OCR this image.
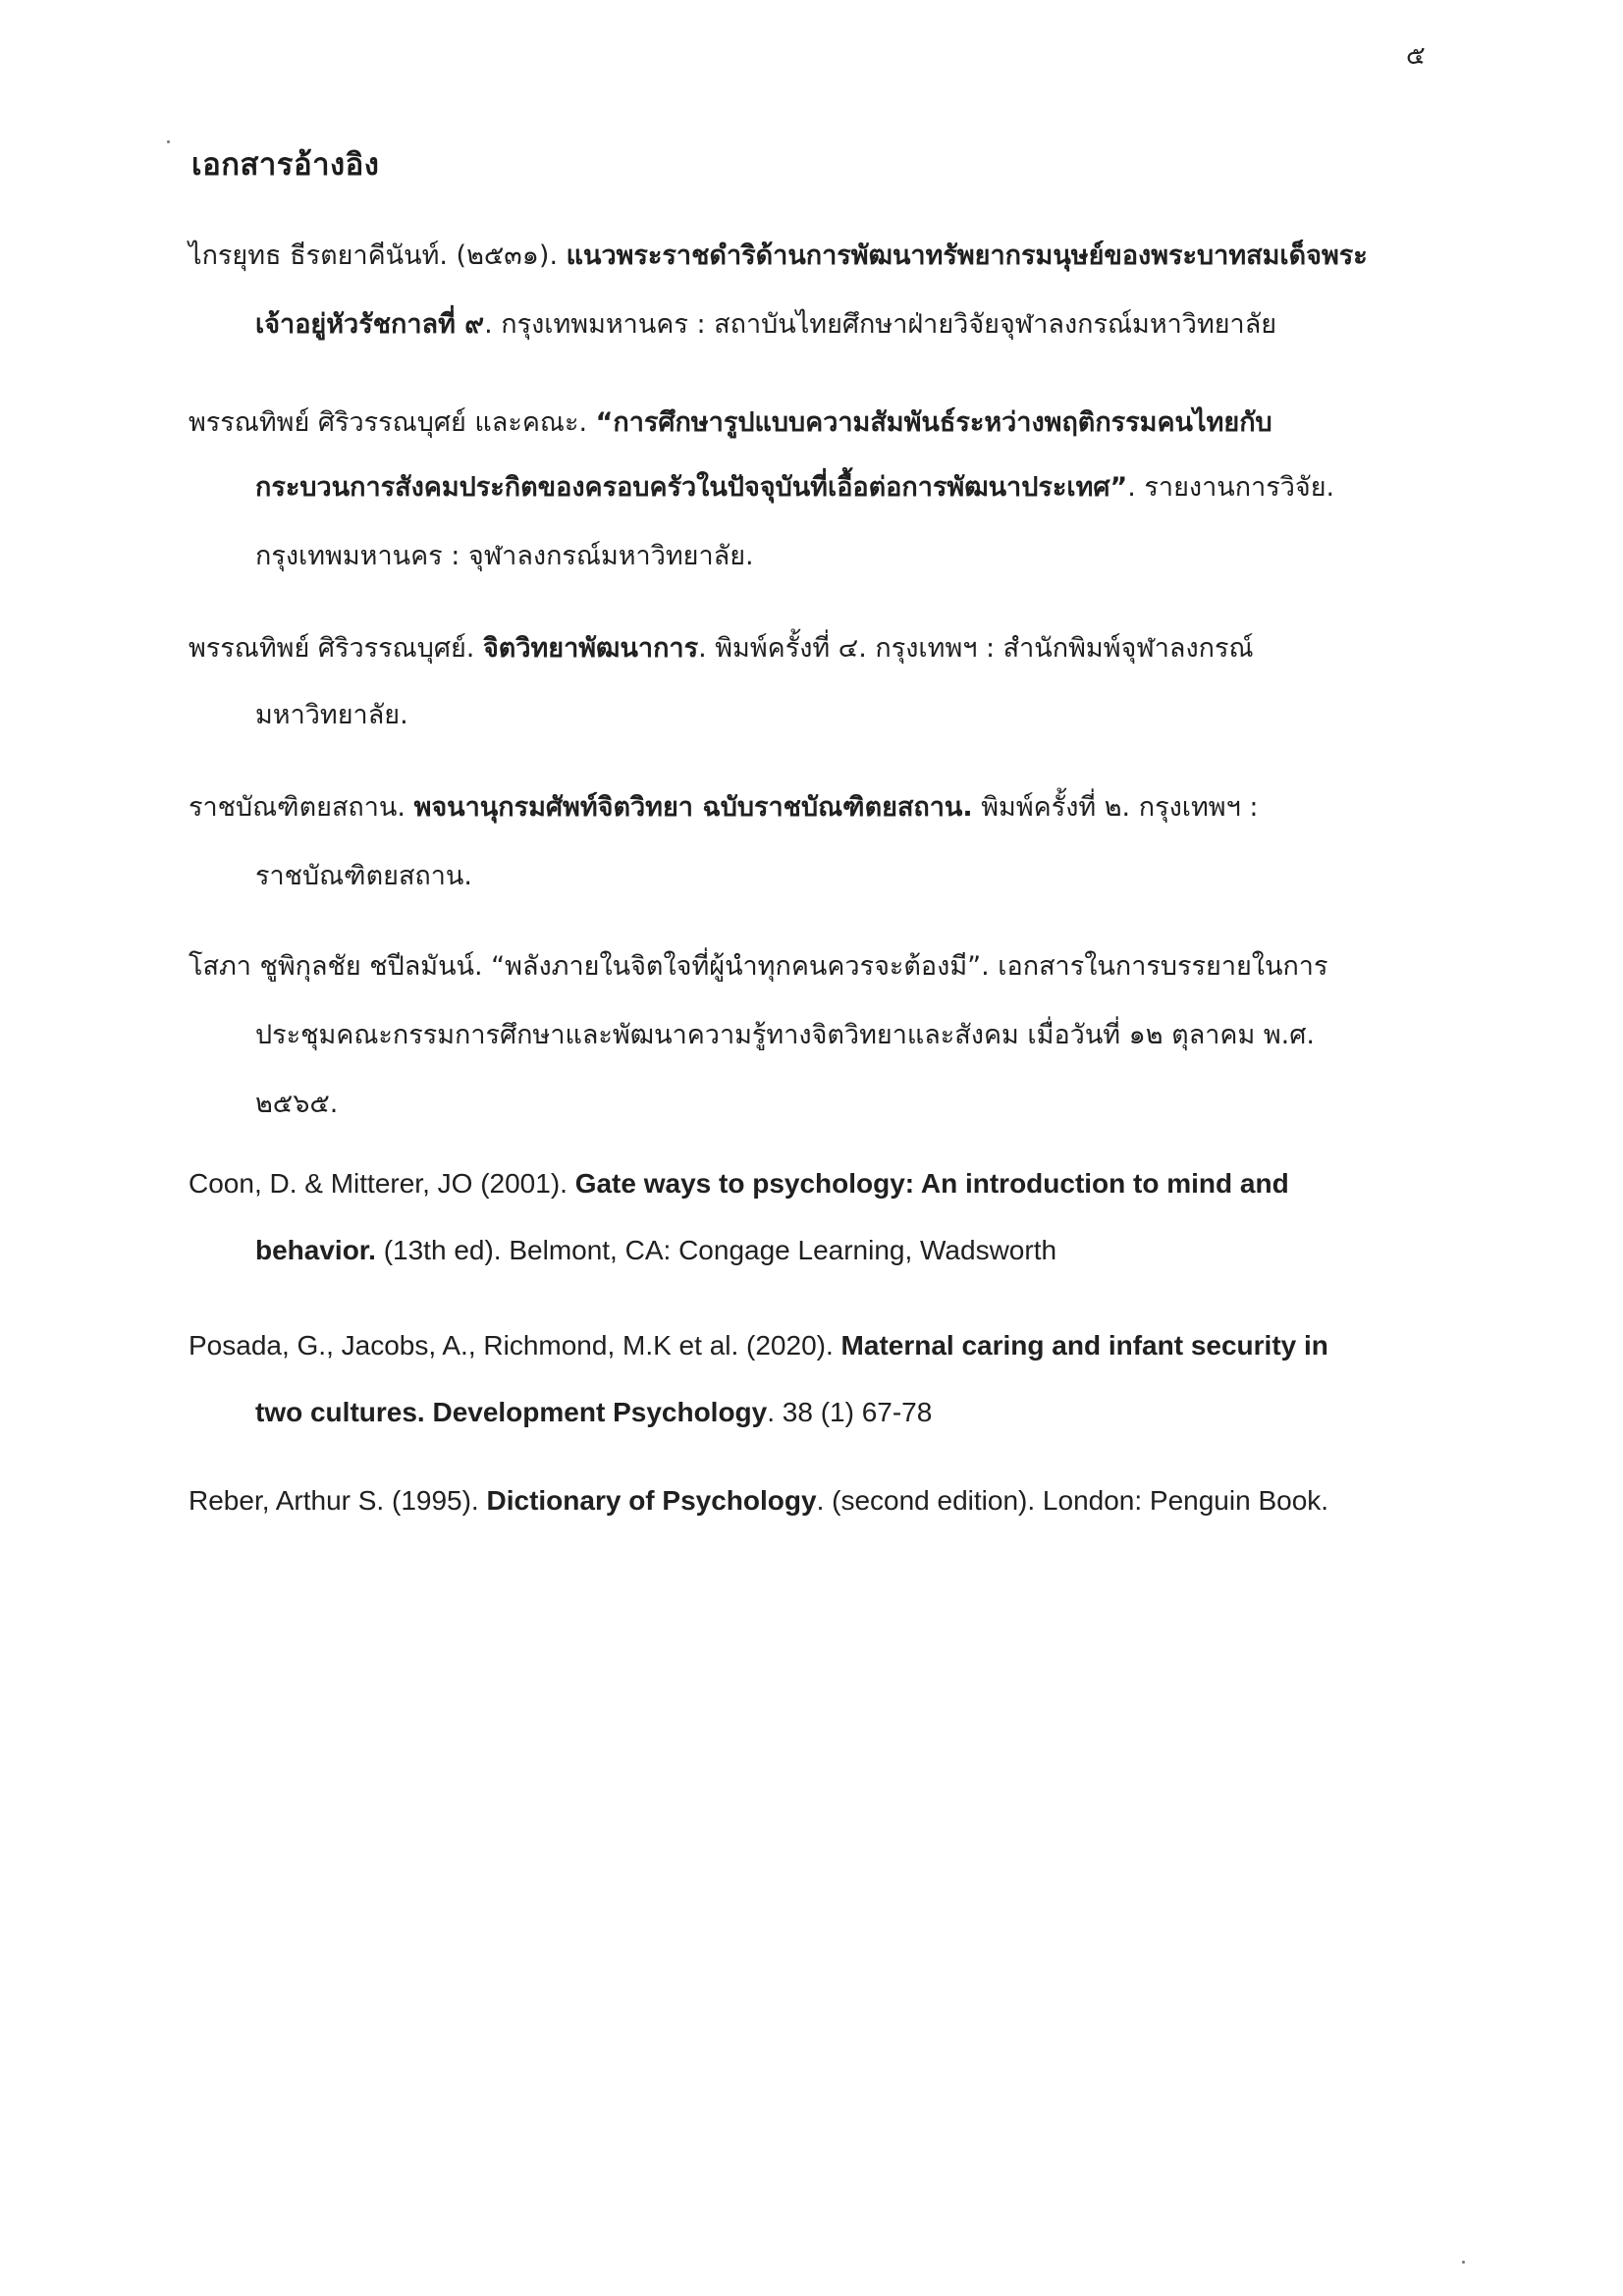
๕
เอกสารอ้างอิง
ไกรยุทธ ธีรตยาคีนันท์. (๒๕๓๑). แนวพระราชดำริด้านการพัฒนาทรัพยากรมนุษย์ของพระบาทสมเด็จพระ
เจ้าอยู่หัวรัชกาลที่ ๙. กรุงเทพมหานคร : สถาบันไทยศึกษาฝ่ายวิจัยจุฬาลงกรณ์มหาวิทยาลัย
พรรณทิพย์ ศิริวรรณบุศย์ และคณะ. “การศึกษารูปแบบความสัมพันธ์ระหว่างพฤติกรรมคนไทยกับ
กระบวนการสังคมประกิตของครอบครัวในปัจจุบันที่เอื้อต่อการพัฒนาประเทศ”. รายงานการวิจัย.
กรุงเทพมหานคร : จุฬาลงกรณ์มหาวิทยาลัย.
พรรณทิพย์ ศิริวรรณบุศย์. จิตวิทยาพัฒนาการ. พิมพ์ครั้งที่ ๔. กรุงเทพฯ : สำนักพิมพ์จุฬาลงกรณ์
มหาวิทยาลัย.
ราชบัณฑิตยสถาน. พจนานุกรมศัพท์จิตวิทยา ฉบับราชบัณฑิตยสถาน. พิมพ์ครั้งที่ ๒. กรุงเทพฯ :
ราชบัณฑิตยสถาน.
โสภา ชูพิกุลชัย ชปีลมันน์. “พลังภายในจิตใจที่ผู้นำทุกคนควรจะต้องมี”. เอกสารในการบรรยายในการ
ประชุมคณะกรรมการศึกษาและพัฒนาความรู้ทางจิตวิทยาและสังคม เมื่อวันที่ ๑๒ ตุลาคม พ.ศ.
๒๕๖๕.
Coon, D. & Mitterer, JO (2001). Gate ways to psychology: An introduction to mind and
behavior. (13th ed). Belmont, CA: Congage Learning, Wadsworth
Posada, G., Jacobs, A., Richmond, M.K et al. (2020). Maternal caring and infant security in
two cultures. Development Psychology. 38 (1) 67-78
Reber, Arthur S. (1995). Dictionary of Psychology. (second edition). London: Penguin Book.
